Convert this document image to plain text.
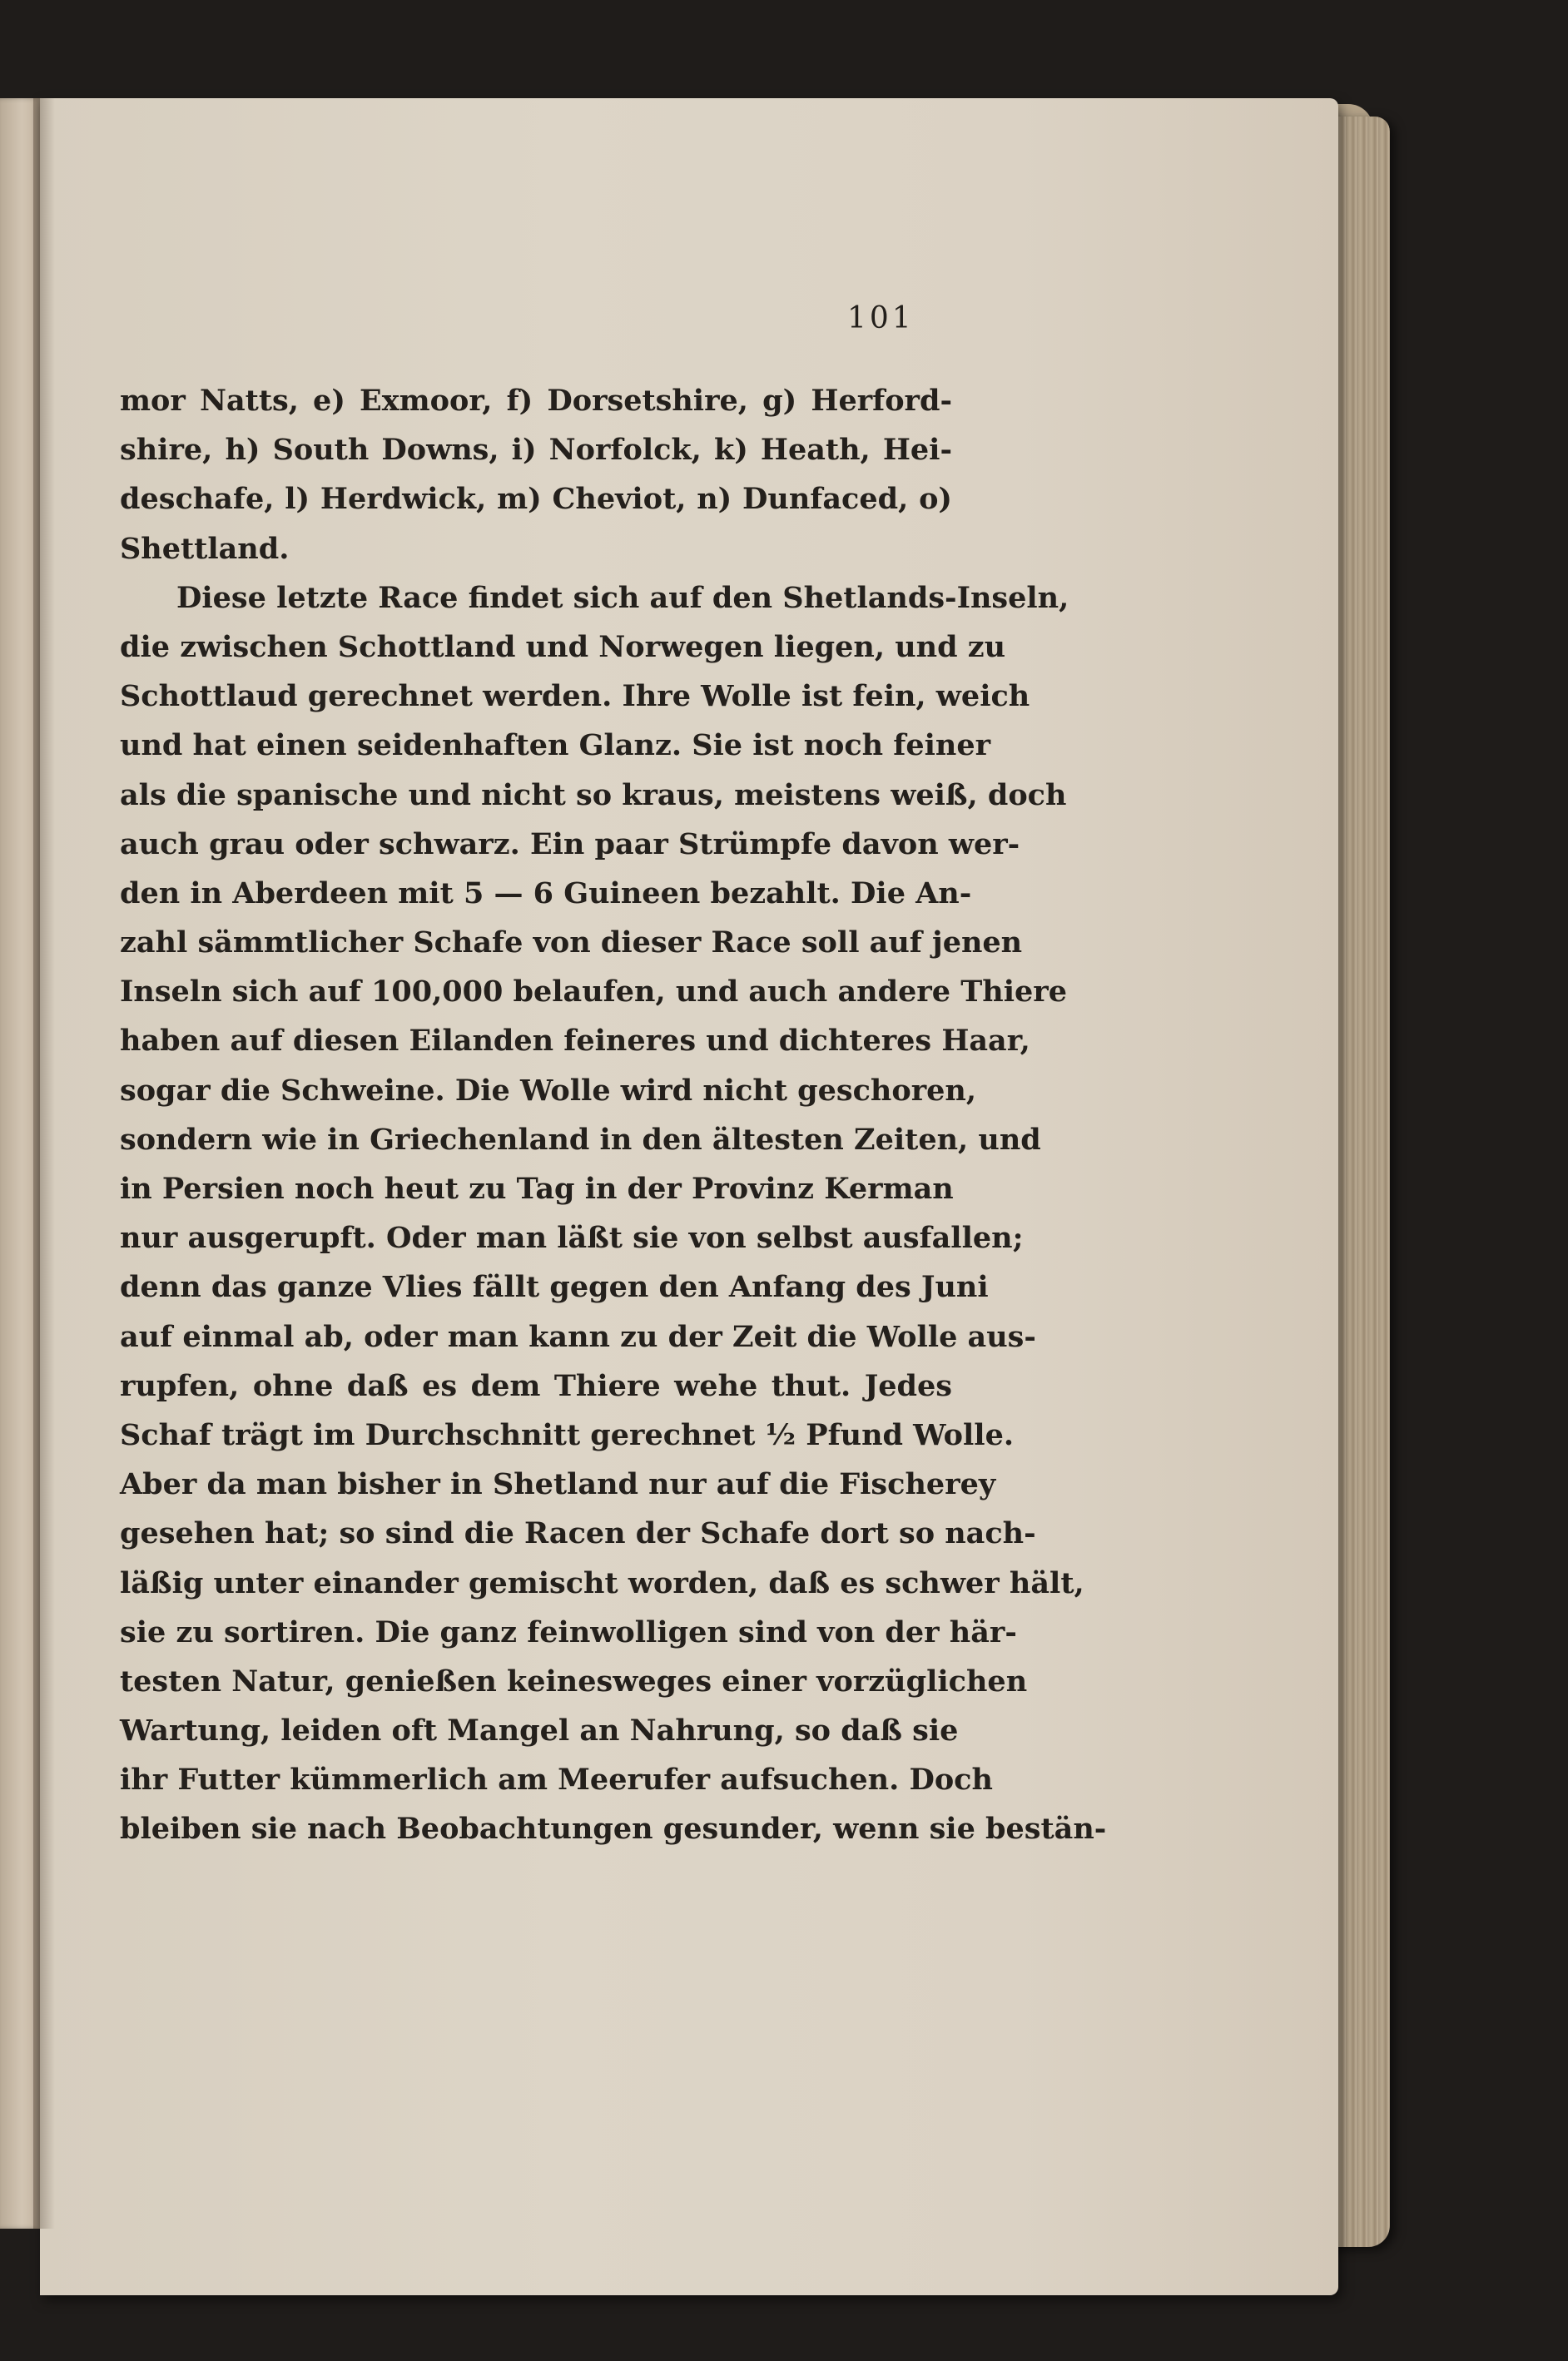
101
mor Natts, e) Exmoor, f) Dorsetshire, g) Herford-
shire, h) South Downs, i) Norfolck, k) Heath, Hei-
deschafe, l) Herdwick, m) Cheviot, n) Dunfaced, o)
Shettland.
Diese letzte Race findet sich auf den Shetlands-Inseln,
die zwischen Schottland und Norwegen liegen, und zu
Schottlaud gerechnet werden. Ihre Wolle ist fein, weich
und hat einen seidenhaften Glanz. Sie ist noch feiner
als die spanische und nicht so kraus, meistens weiß, doch
auch grau oder schwarz. Ein paar Strümpfe davon wer-
den in Aberdeen mit 5 — 6 Guineen bezahlt. Die An-
zahl sämmtlicher Schafe von dieser Race soll auf jenen
Inseln sich auf 100,000 belaufen, und auch andere Thiere
haben auf diesen Eilanden feineres und dichteres Haar,
sogar die Schweine. Die Wolle wird nicht geschoren,
sondern wie in Griechenland in den ältesten Zeiten, und
in Persien noch heut zu Tag in der Provinz Kerman
nur ausgerupft. Oder man läßt sie von selbst ausfallen;
denn das ganze Vlies fällt gegen den Anfang des Juni
auf einmal ab, oder man kann zu der Zeit die Wolle aus-
rupfen, ohne daß es dem Thiere wehe thut. Jedes
Schaf trägt im Durchschnitt gerechnet ½ Pfund Wolle.
Aber da man bisher in Shetland nur auf die Fischerey
gesehen hat; so sind die Racen der Schafe dort so nach-
läßig unter einander gemischt worden, daß es schwer hält,
sie zu sortiren. Die ganz feinwolligen sind von der här-
testen Natur, genießen keinesweges einer vorzüglichen
Wartung, leiden oft Mangel an Nahrung, so daß sie
ihr Futter kümmerlich am Meerufer aufsuchen. Doch
bleiben sie nach Beobachtungen gesunder, wenn sie bestän-
